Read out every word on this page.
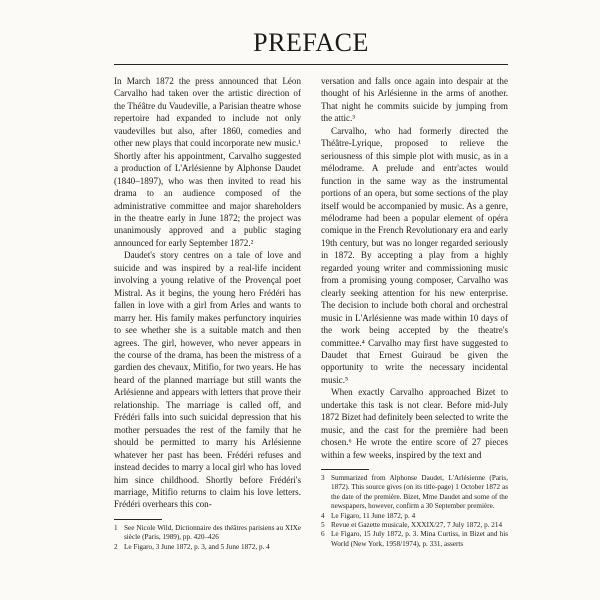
PREFACE

In March 1872 the press announced that Léon Carvalho had taken over the artistic direction of the Théâtre du Vaudeville, a Parisian theatre whose repertoire had expanded to include not only vaudevilles but also, after 1860, comedies and other new plays that could incorporate new music.¹ Shortly after his appointment, Carvalho suggested a production of L'Arlésienne by Alphonse Daudet (1840–1897), who was then invited to read his drama to an audience composed of the administrative committee and major shareholders in the theatre early in June 1872; the project was unanimously approved and a public staging announced for early September 1872.²

Daudet's story centres on a tale of love and suicide and was inspired by a real-life incident involving a young relative of the Provençal poet Mistral. As it begins, the young hero Frédéri has fallen in love with a girl from Arles and wants to marry her. His family makes perfunctory inquiries to see whether she is a suitable match and then agrees. The girl, however, who never appears in the course of the drama, has been the mistress of a gardien des chevaux, Mitifio, for two years. He has heard of the planned marriage but still wants the Arlésienne and appears with letters that prove their relationship. The marriage is called off, and Frédéri falls into such suicidal depression that his mother persuades the rest of the family that he should be permitted to marry his Arlésienne whatever her past has been. Frédéri refuses and instead decides to marry a local girl who has loved him since childhood. Shortly before Frédéri's marriage, Mitifio returns to claim his love letters. Frédéri overhears this con-

1 See Nicole Wild, Dictionnaire des théâtres parisiens au XIXe siècle (Paris, 1989), pp. 420–426
2 Le Figaro, 3 June 1872, p. 3, and 5 June 1872, p. 4

versation and falls once again into despair at the thought of his Arlésienne in the arms of another. That night he commits suicide by jumping from the attic.³

Carvalho, who had formerly directed the Théâtre-Lyrique, proposed to relieve the seriousness of this simple plot with music, as in a mélodrame. A prelude and entr'actes would function in the same way as the instrumental portions of an opera, but some sections of the play itself would be accompanied by music. As a genre, mélodrame had been a popular element of opéra comique in the French Revolutionary era and early 19th century, but was no longer regarded seriously in 1872. By accepting a play from a highly regarded young writer and commissioning music from a promising young composer, Carvalho was clearly seeking attention for his new enterprise. The decision to include both choral and orchestral music in L'Arlésienne was made within 10 days of the work being accepted by the theatre's committee.⁴ Carvalho may first have suggested to Daudet that Ernest Guiraud be given the opportunity to write the necessary incidental music.⁵

When exactly Carvalho approached Bizet to undertake this task is not clear. Before mid-July 1872 Bizet had definitely been selected to write the music, and the cast for the première had been chosen.⁶ He wrote the entire score of 27 pieces within a few weeks, inspired by the text and

3 Summarized from Alphonse Daudet, L'Arlésienne (Paris, 1872). This source gives (on its title-page) 1 October 1872 as the date of the première. Bizet, Mme Daudet and some of the newspapers, however, confirm a 30 September première.
4 Le Figaro, 11 June 1872, p. 4
5 Revue et Gazette musicale, XXXIX/27, 7 July 1872, p. 214
6 Le Figaro, 15 July 1872, p. 3. Mina Curtiss, in Bizet and his World (New York, 1958/1974), p. 331, asserts
